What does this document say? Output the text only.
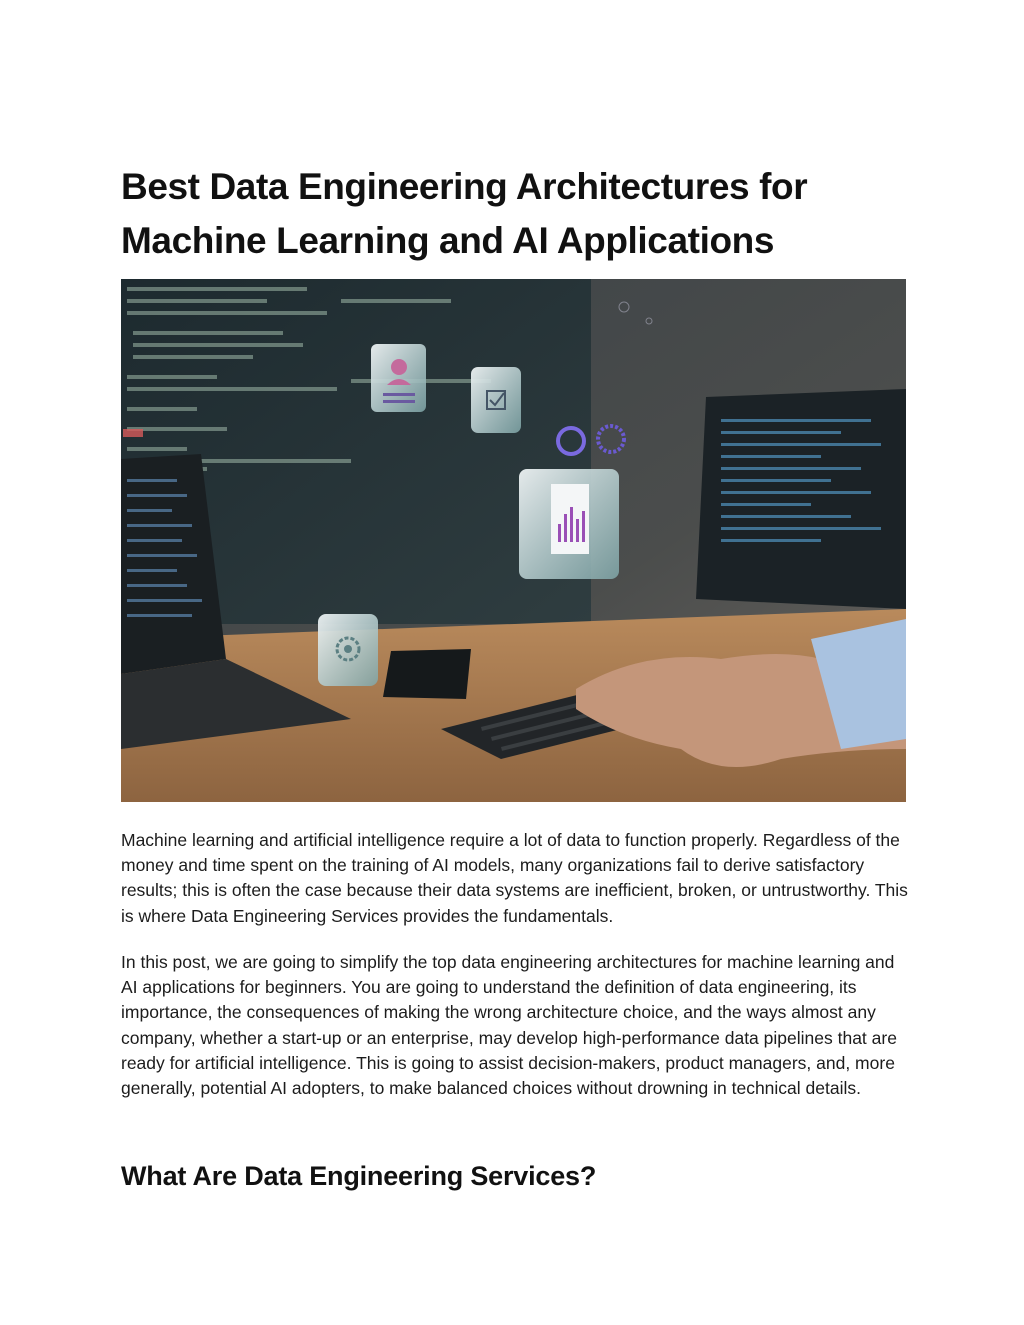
Best Data Engineering Architectures for Machine Learning and AI Applications

Machine learning and artificial intelligence require a lot of data to function properly. Regardless of the money and time spent on the training of AI models, many organizations fail to derive satisfactory results; this is often the case because their data systems are inefficient, broken, or untrustworthy. This is where Data Engineering Services provides the fundamentals.

In this post, we are going to simplify the top data engineering architectures for machine learning and AI applications for beginners. You are going to understand the definition of data engineering, its importance, the consequences of making the wrong architecture choice, and the ways almost any company, whether a start-up or an enterprise, may develop high-performance data pipelines that are ready for artificial intelligence. This is going to assist decision-makers, product managers, and, more generally, potential AI adopters, to make balanced choices without drowning in technical details.

What Are Data Engineering Services?
